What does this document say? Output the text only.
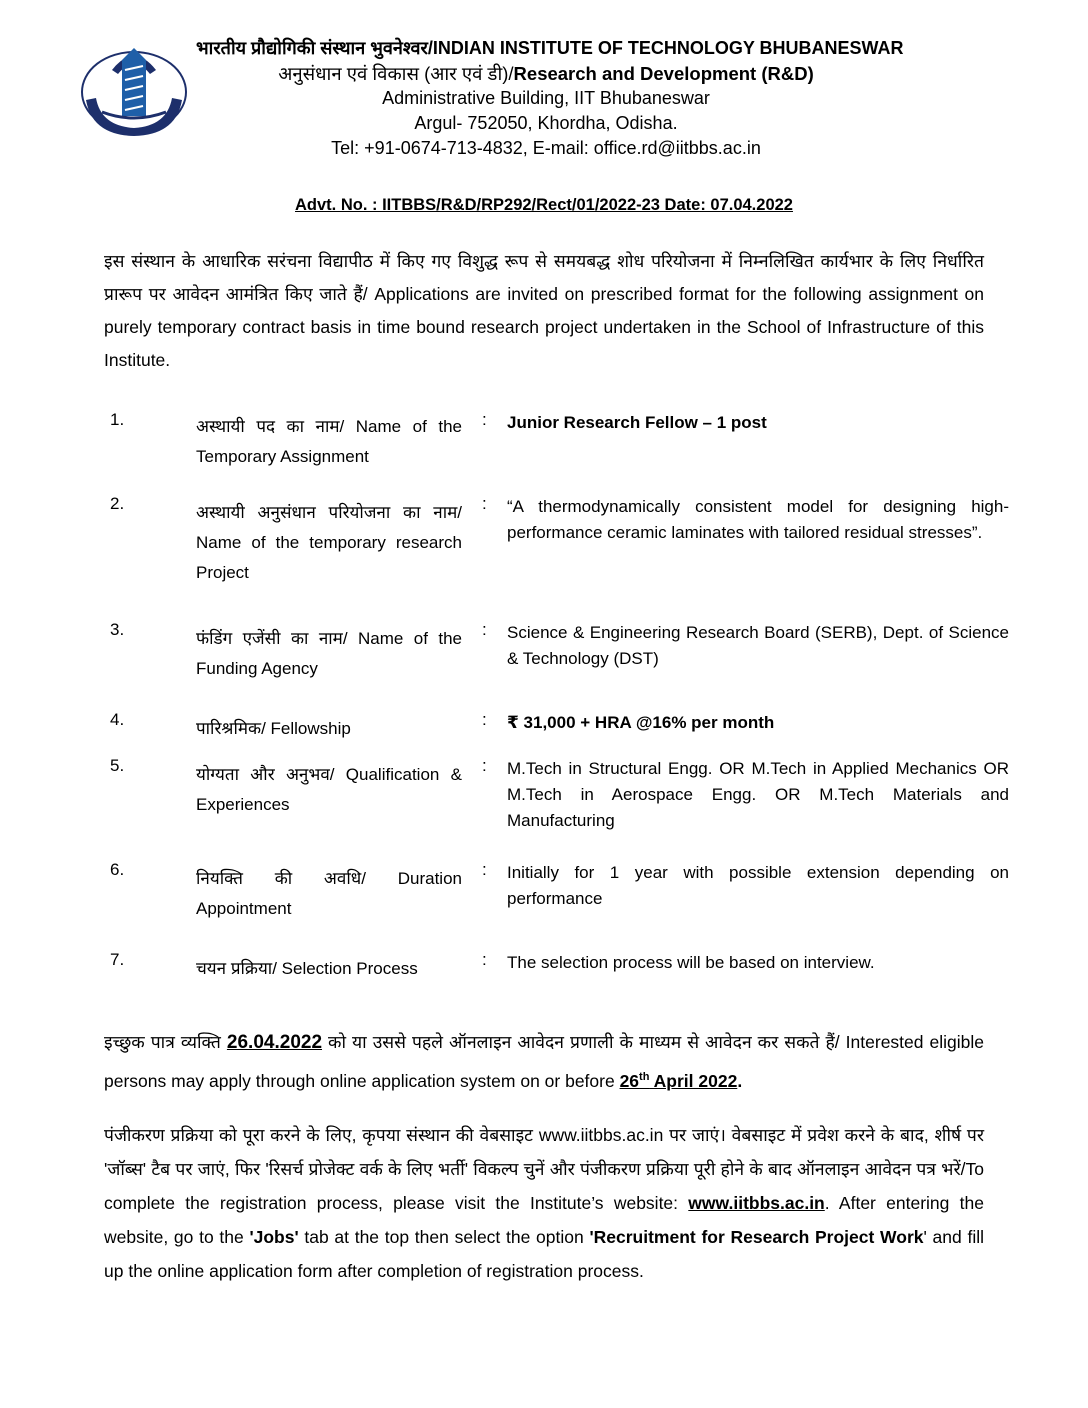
भारतीय प्रौद्योगिकी संस्थान भुवनेश्वर/INDIAN INSTITUTE OF TECHNOLOGY BHUBANESWAR
अनुसंधान एवं विकास (आर एवं डी)/Research and Development (R&D)
Administrative Building, IIT Bhubaneswar
Argul- 752050, Khordha, Odisha.
Tel: +91-0674-713-4832, E-mail: office.rd@iitbbs.ac.in
Advt. No. : IITBBS/R&D/RP292/Rect/01/2022-23 Date: 07.04.2022
इस संस्थान के आधारिक सरंचना विद्यापीठ में किए गए विशुद्ध रूप से समयबद्ध शोध परियोजना में निम्नलिखित कार्यभार के लिए निर्धारित प्रारूप पर आवेदन आमंत्रित किए जाते हैं/ Applications are invited on prescribed format for the following assignment on purely temporary contract basis in time bound research project undertaken in the School of Infrastructure of this Institute.
1.	अस्थायी पद का नाम/ Name of the Temporary Assignment
: Junior Research Fellow – 1 post
2.	अस्थायी अनुसंधान परियोजना का नाम/ Name of the temporary research Project
: “A thermodynamically consistent model for designing high-performance ceramic laminates with tailored residual stresses”.
3.	फंडिंग एजेंसी का नाम/ Name of the Funding Agency
: Science & Engineering Research Board (SERB), Dept. of Science & Technology (DST)
4.	पारिश्रमिक/ Fellowship	: ₹ 31,000 + HRA @16% per month
5.	योग्यता और अनुभव/ Qualification & Experiences
: M.Tech in Structural Engg. OR M.Tech in Applied Mechanics OR M.Tech in Aerospace Engg. OR M.Tech Materials and Manufacturing
6.	नियक्ति की अवधि/ Duration Appointment
: Initially for 1 year with possible extension depending on performance
7.	चयन प्रक्रिया/ Selection Process	: The selection process will be based on interview.
इच्छुक पात्र व्यक्ति 26.04.2022 को या उससे पहले ऑनलाइन आवेदन प्रणाली के माध्यम से आवेदन कर सकते हैं/ Interested eligible persons may apply through online application system on or before 26th April 2022.
पंजीकरण प्रक्रिया को पूरा करने के लिए, कृपया संस्थान की वेबसाइट www.iitbbs.ac.in पर जाएं। वेबसाइट में प्रवेश करने के बाद, शीर्ष पर 'जॉब्स' टैब पर जाएं, फिर 'रिसर्च प्रोजेक्ट वर्क के लिए भर्ती' विकल्प चुनें और पंजीकरण प्रक्रिया पूरी होने के बाद ऑनलाइन आवेदन पत्र भरें/To complete the registration process, please visit the Institute’s website: www.iitbbs.ac.in. After entering the website, go to the 'Jobs' tab at the top then select the option 'Recruitment for Research Project Work' and fill up the online application form after completion of registration process.
